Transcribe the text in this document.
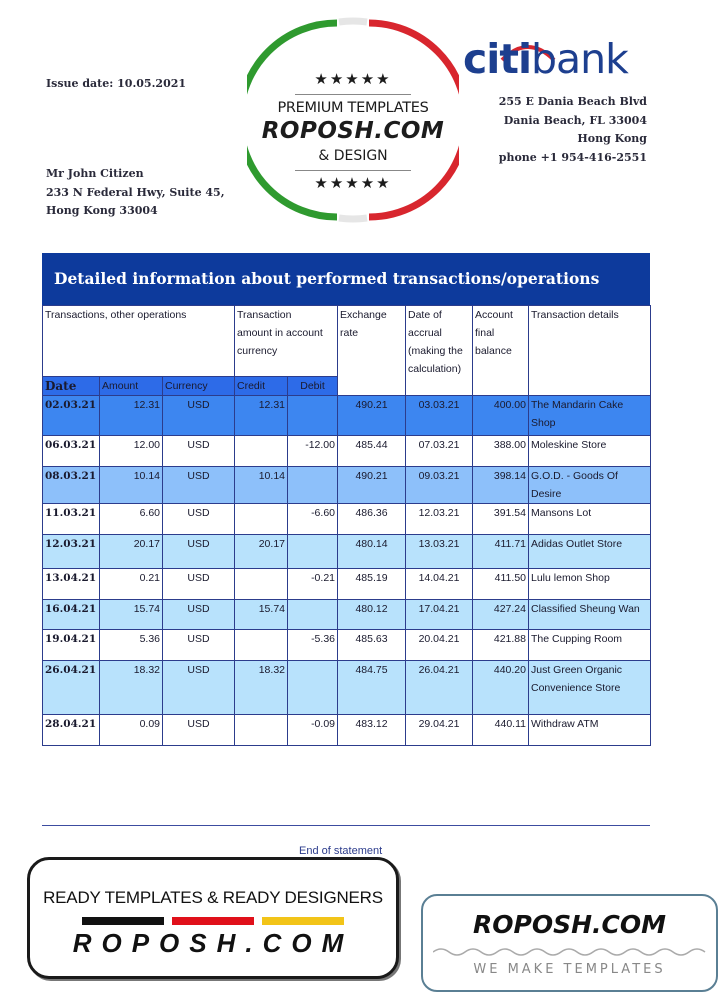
Issue date: 10.05.2021
Mr John Citizen
233 N Federal Hwy, Suite 45,
Hong Kong 33004
★★★★★
PREMIUM TEMPLATES
ROPOSH.COM
& DESIGN
★★★★★
citibank
255 E Dania Beach Blvd
Dania Beach, FL 33004
Hong Kong
phone +1 954-416-2551
Detailed information about performed transactions/operations
Transactions, other operations			Transaction amount in account currency		Exchange rate	Date of accrual (making the calculation)	Account final balance	Transaction details
Date	Amount	Currency	Credit	Debit				
02.03.21	12.31	USD	12.31		490.21	03.03.21	400.00	The Mandarin Cake Shop
06.03.21	12.00	USD		-12.00	485.44	07.03.21	388.00	Moleskine Store
08.03.21	10.14	USD	10.14		490.21	09.03.21	398.14	G.O.D. - Goods Of Desire
11.03.21	6.60	USD		-6.60	486.36	12.03.21	391.54	Mansons Lot
12.03.21	20.17	USD	20.17		480.14	13.03.21	411.71	Adidas Outlet Store
13.04.21	0.21	USD		-0.21	485.19	14.04.21	411.50	Lulu lemon Shop
16.04.21	15.74	USD	15.74		480.12	17.04.21	427.24	Classified Sheung Wan
19.04.21	5.36	USD		-5.36	485.63	20.04.21	421.88	The Cupping Room
26.04.21	18.32	USD	18.32		484.75	26.04.21	440.20	Just Green Organic Convenience Store
28.04.21	0.09	USD		-0.09	483.12	29.04.21	440.11	Withdraw ATM
End of statement
READY TEMPLATES & READY DESIGNERS
ROPOSH.COM
ROPOSH.COM
WE MAKE TEMPLATES
